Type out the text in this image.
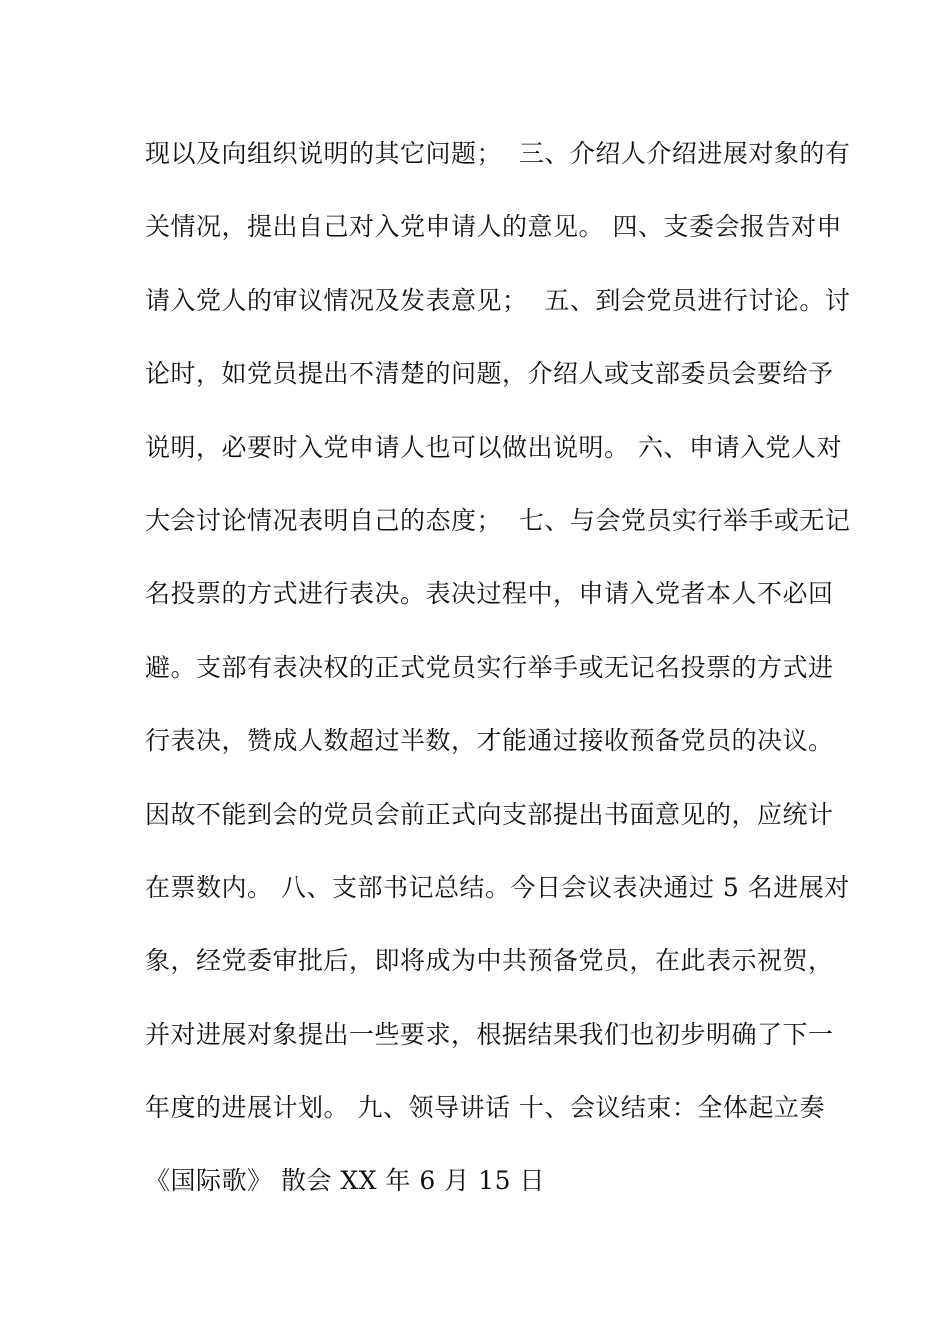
现以及向组织说明的其它问题；  三、介绍人介绍进展对象的有
关情况，提出自己对入党申请人的意见。 四、支委会报告对申
请入党人的审议情况及发表意见；  五、到会党员进行讨论。讨
论时，如党员提出不清楚的问题，介绍人或支部委员会要给予
说明，必要时入党申请人也可以做出说明。 六、申请入党人对
大会讨论情况表明自己的态度；  七、与会党员实行举手或无记
名投票的方式进行表决。表决过程中，申请入党者本人不必回
避。支部有表决权的正式党员实行举手或无记名投票的方式进
行表决，赞成人数超过半数，才能通过接收预备党员的决议。
因故不能到会的党员会前正式向支部提出书面意见的，应统计
在票数内。 八、支部书记总结。今日会议表决通过 5 名进展对
象，经党委审批后，即将成为中共预备党员，在此表示祝贺，
并对进展对象提出一些要求，根据结果我们也初步明确了下一
年度的进展计划。 九、领导讲话 十、会议结束：全体起立奏
《国际歌》 散会 XX 年 6 月 15 日
